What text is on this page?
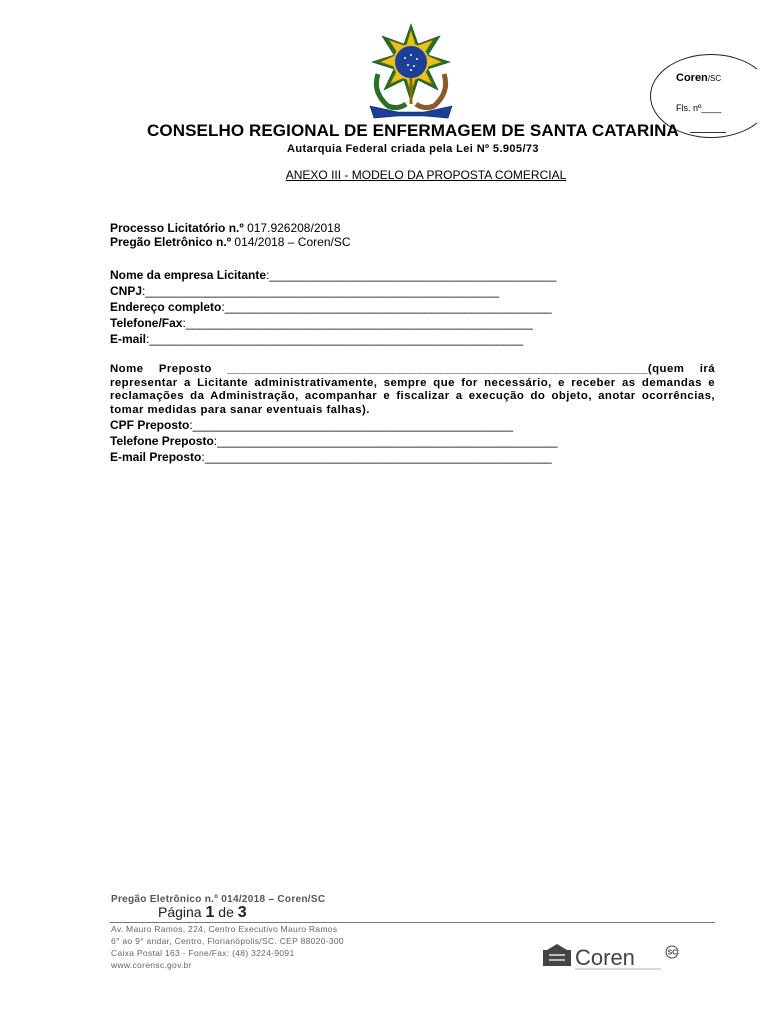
Coren/SC
Fls. nº____
CONSELHO REGIONAL DE ENFERMAGEM DE SANTA CATARINA
Autarquia Federal criada pela Lei Nº 5.905/73
ANEXO III - MODELO DA PROPOSTA COMERCIAL
Processo Licitatório n.º 017.926208/2018
Pregão Eletrônico n.º 014/2018 – Coren/SC
Nome da empresa Licitante:___________________________________________
CNPJ:_____________________________________________________
Endereço completo:_________________________________________________
Telefone/Fax:____________________________________________________
E-mail:________________________________________________________
Nome Preposto ______________________________________________________________(quem irá representar a Licitante administrativamente, sempre que for necessário, e receber as demandas e reclamações da Administração, acompanhar e fiscalizar a execução do objeto, anotar ocorrências, tomar medidas para sanar eventuais falhas).
CPF Preposto:________________________________________________
Telefone Preposto:___________________________________________________
E-mail Preposto:____________________________________________________
Pregão Eletrônico n.º 014/2018 – Coren/SC
Página 1 de 3
Av. Mauro Ramos, 224, Centro Executivo Mauro Ramos
6° ao 9° andar, Centro, Florianópolis/SC. CEP 88020-300
Caixa Postal 163 - Fone/Fax: (48) 3224-9091
www.corensc.gov.br	Coren	SC
